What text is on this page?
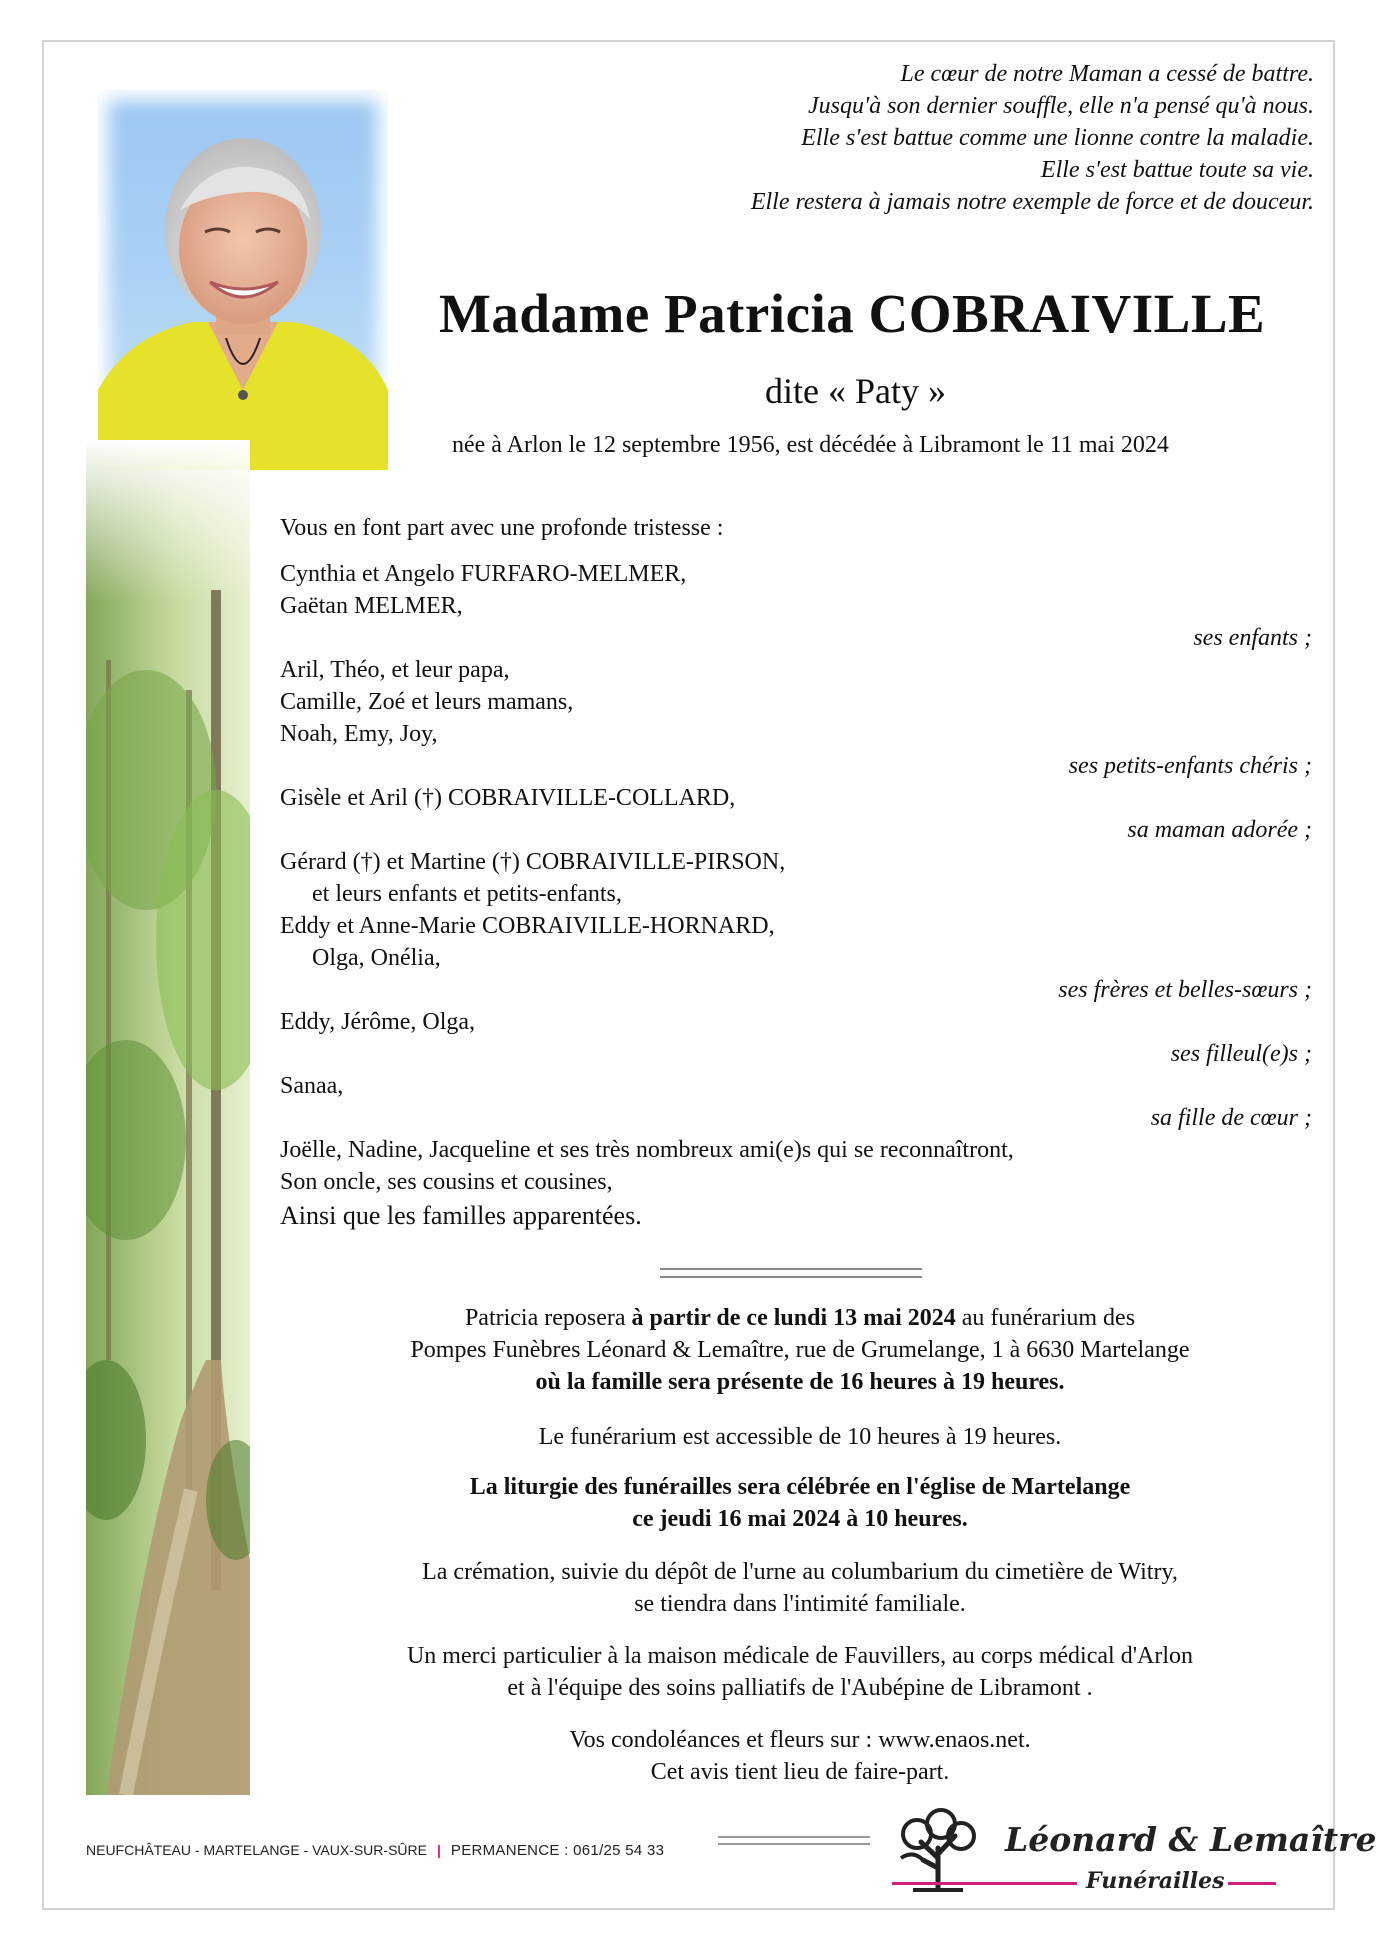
Le cœur de notre Maman a cessé de battre.
Jusqu'à son dernier souffle, elle n'a pensé qu'à nous.
Elle s'est battue comme une lionne contre la maladie.
Elle s'est battue toute sa vie.
Elle restera à jamais notre exemple de force et de douceur.
Madame Patricia COBRAIVILLE
dite « Paty »
née à Arlon le 12 septembre 1956, est décédée à Libramont le 11 mai 2024
Vous en font part avec une profonde tristesse :
Cynthia et Angelo FURFARO-MELMER,
Gaëtan MELMER,
ses enfants ;
Aril, Théo, et leur papa,
Camille, Zoé et leurs mamans,
Noah, Emy, Joy,
ses petits-enfants chéris ;
Gisèle et Aril (†) COBRAIVILLE-COLLARD,
sa maman adorée ;
Gérard (†) et Martine (†) COBRAIVILLE-PIRSON,
et leurs enfants et petits-enfants,
Eddy et Anne-Marie COBRAIVILLE-HORNARD,
Olga, Onélia,
ses frères et belles-sœurs ;
Eddy, Jérôme, Olga,
ses filleul(e)s ;
Sanaa,
sa fille de cœur ;
Joëlle, Nadine, Jacqueline et ses très nombreux ami(e)s qui se reconnaîtront,
Son oncle, ses cousins et cousines,
Ainsi que les familles apparentées.
Patricia reposera à partir de ce lundi 13 mai 2024 au funérarium des
Pompes Funèbres Léonard & Lemaître, rue de Grumelange, 1 à 6630 Martelange
où la famille sera présente de 16 heures à 19 heures.
Le funérarium est accessible de 10 heures à 19 heures.
La liturgie des funérailles sera célébrée en l'église de Martelange
ce jeudi 16 mai 2024 à 10 heures.
La crémation, suivie du dépôt de l'urne au columbarium du cimetière de Witry,
se tiendra dans l'intimité familiale.
Un merci particulier à la maison médicale de Fauvillers, au corps médical d'Arlon
et à l'équipe des soins palliatifs de l'Aubépine de Libramont .
Vos condoléances et fleurs sur : www.enaos.net.
Cet avis tient lieu de faire-part.
NEUFCHÂTEAU - MARTELANGE - VAUX-SUR-SÛRE | PERMANENCE : 061/25 54 33	Léonard & Lemaître
Funérailles
